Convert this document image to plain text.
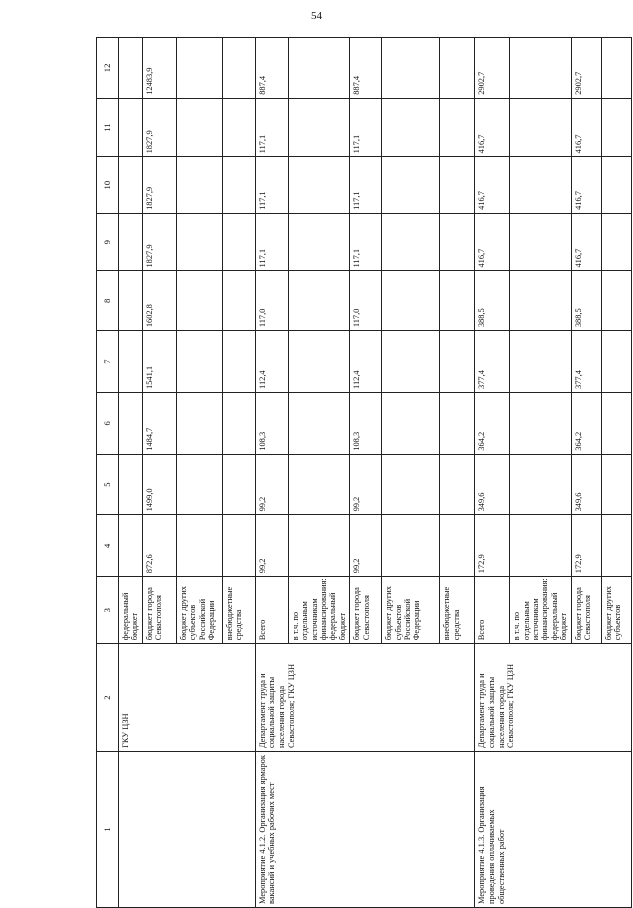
54
1	2	3	4	5	6	7	8	9	10	11	12
	ГКУ ЦЗН	федеральный бюджет									
		бюджет города Севастополя	872,6	1499,0	1484,7	1541,1	1602,8	1827,9	1827,9	1827,9	12483,9
		бюджет других субъектов Российской Федерации									
		внебюджетные средства									
Мероприятие 4.1.2. Организация ярмарок вакансий и учебных рабочих мест	Департамент труда и социальной защиты населения города Севастополя; ГКУ ЦЗН	Всего	99,2	99,2	108,3	112,4	117,0	117,1	117,1	117,1	887,4
		в т.ч. по отдельным источникам финансирования: федеральный бюджет									
		бюджет города Севастополя	99,2	99,2	108,3	112,4	117,0	117,1	117,1	117,1	887,4
		бюджет других субъектов Российской Федерации									
		внебюджетные средства									
Мероприятие 4.1.3. Организация проведения оплачиваемых общественных работ	Департамент труда и социальной защиты населения города Севастополя; ГКУ ЦЗН	Всего	172,9	349,6	364,2	377,4	388,5	416,7	416,7	416,7	2902,7
		в т.ч. по отдельным источникам финансирования: федеральный бюджет									
		бюджет города Севастополя	172,9	349,6	364,2	377,4	388,5	416,7	416,7	416,7	2902,7
		бюджет других субъектов									
